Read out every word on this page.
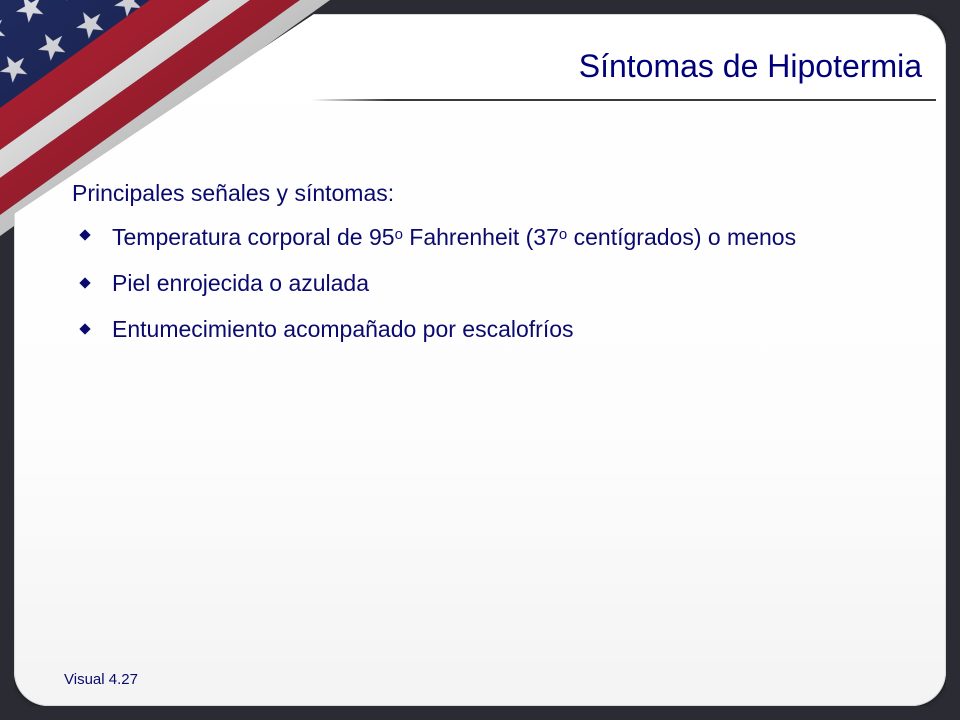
Síntomas de Hipotermia

Principales señales y síntomas:

Temperatura corporal de 95$^o$ Fahrenheit (37$^o$ centígrados) o menos
Piel enrojecida o azulada
Entumecimiento acompañado por escalofríos
Visual 4.27
